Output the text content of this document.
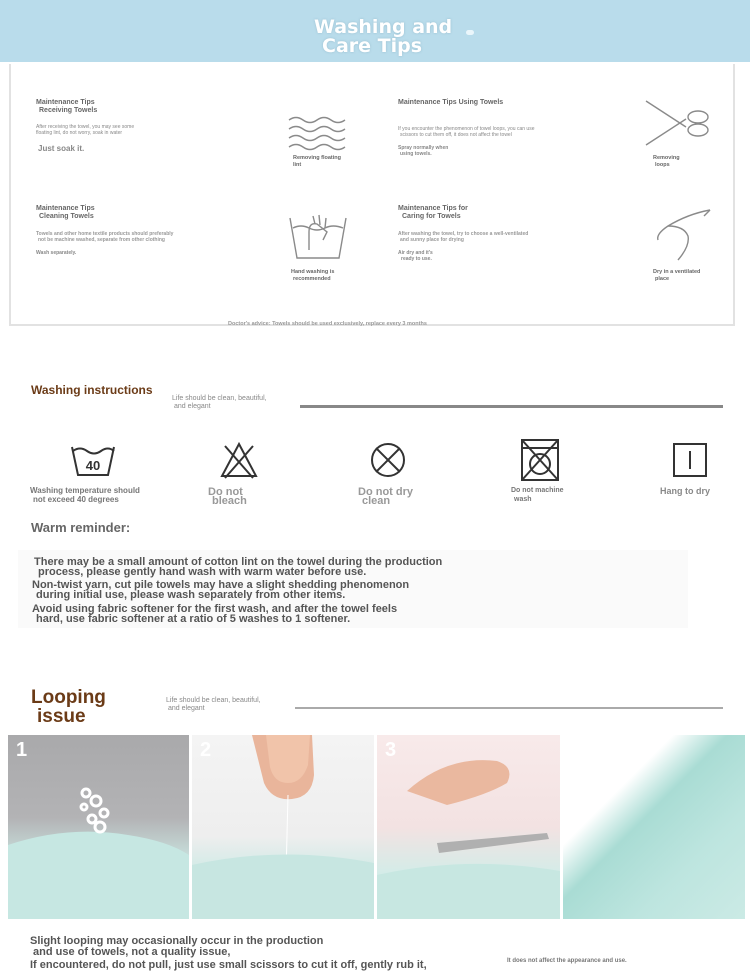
Washing and
Care Tips
Maintenance Tips
Receiving Towels
After receiving the towel, you may see some
floating lint, do not worry, soak in water
Just soak it.
Removing floating
lint
Maintenance Tips Using Towels
If you encounter the phenomenon of towel loops, you can use
scissors to cut them off, it does not affect the towel
Spray normally when
using towels.
Removing
loops
Maintenance Tips
Cleaning Towels
Towels and other home textile products should preferably
not be machine washed, separate from other clothing
Wash separately.
Hand washing is
recommended
Maintenance Tips for
Caring for Towels
After washing the towel, try to choose a well-ventilated
and sunny place for drying
Air dry and it's
ready to use.
Dry in a ventilated
place
Doctor's advice: Towels should be used exclusively, replace every 3 months
Washing instructions
Life should be clean, beautiful,
and elegant
40
Washing temperature should
not exceed 40 degrees
Do not
bleach
Do not dry
clean
Do not machine
wash
Hang to dry
Warm reminder:
There may be a small amount of cotton lint on the towel during the production
process, please gently hand wash with warm water before use.
Non-twist yarn, cut pile towels may have a slight shedding phenomenon
during initial use, please wash separately from other items.
Avoid using fabric softener for the first wash, and after the towel feels
hard, use fabric softener at a ratio of 5 washes to 1 softener.
Looping
issue
Life should be clean, beautiful,
and elegant
1	2	3	4
Slight looping may occasionally occur in the production
and use of towels, not a quality issue,
If encountered, do not pull, just use small scissors to cut it off, gently rub it,	It does not affect the appearance and use.
